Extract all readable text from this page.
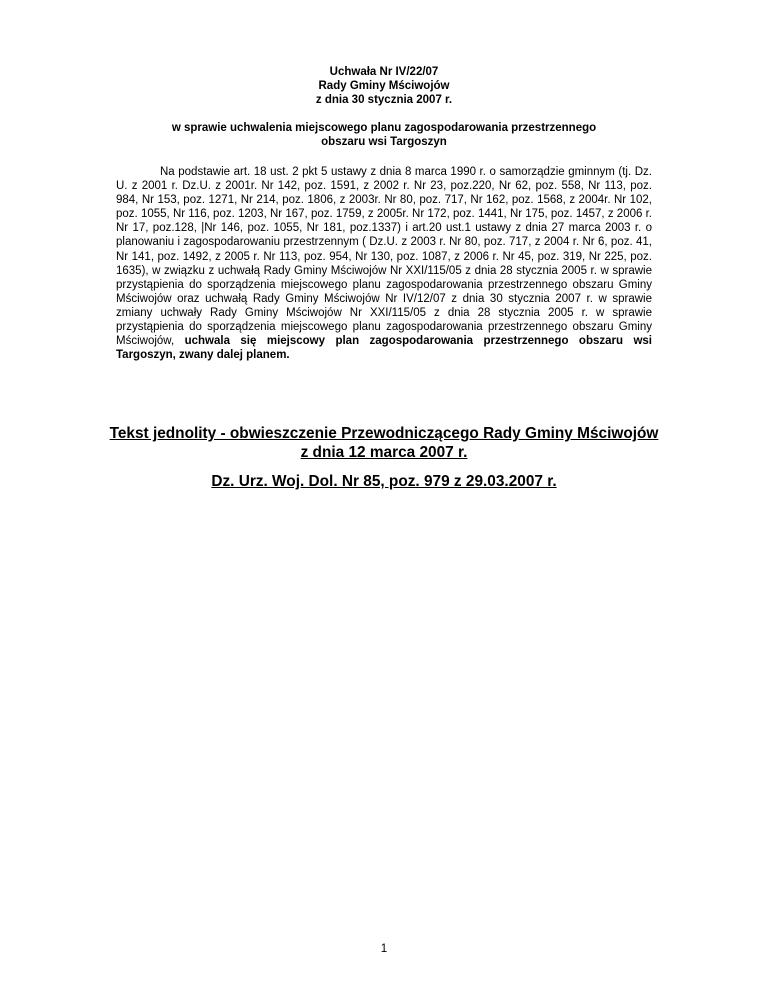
Uchwała Nr IV/22/07
Rady Gminy Mściwojów
z dnia 30 stycznia 2007 r.
w sprawie uchwalenia miejscowego planu zagospodarowania przestrzennego
obszaru wsi Targoszyn
Na podstawie art. 18 ust. 2 pkt 5 ustawy z dnia 8 marca 1990 r. o samorządzie gminnym (tj. Dz. U. z 2001 r. Dz.U. z 2001r. Nr 142, poz. 1591, z 2002 r. Nr 23, poz.220, Nr 62, poz. 558, Nr 113, poz. 984, Nr 153, poz. 1271, Nr 214, poz. 1806, z 2003r. Nr 80, poz. 717, Nr 162, poz. 1568, z 2004r. Nr 102, poz. 1055, Nr 116, poz. 1203, Nr 167, poz. 1759, z 2005r. Nr 172, poz. 1441, Nr 175, poz. 1457, z 2006 r. Nr 17, poz.128, |Nr 146, poz. 1055, Nr 181, poz.1337) i art.20 ust.1 ustawy z dnia 27 marca 2003 r. o planowaniu i zagospodarowaniu przestrzennym ( Dz.U. z 2003 r. Nr 80, poz. 717, z 2004 r. Nr 6, poz. 41, Nr 141, poz. 1492, z 2005 r. Nr 113, poz. 954, Nr 130, poz. 1087, z 2006 r. Nr 45, poz. 319, Nr 225, poz. 1635), w związku z uchwałą Rady Gminy Mściwojów Nr XXI/115/05 z dnia 28 stycznia 2005 r. w sprawie przystąpienia do sporządzenia miejscowego planu zagospodarowania przestrzennego obszaru Gminy Mściwojów oraz uchwałą Rady Gminy Mściwojów Nr IV/12/07 z dnia 30 stycznia 2007 r. w sprawie zmiany uchwały Rady Gminy Mściwojów Nr XXI/115/05 z dnia 28 stycznia 2005 r. w sprawie przystąpienia do sporządzenia miejscowego planu zagospodarowania przestrzennego obszaru Gminy Mściwojów, uchwala się miejscowy plan zagospodarowania przestrzennego obszaru wsi Targoszyn, zwany dalej planem.
Tekst jednolity - obwieszczenie Przewodniczącego Rady Gminy Mściwojów
z dnia 12 marca 2007 r.
Dz. Urz. Woj. Dol. Nr 85, poz. 979 z 29.03.2007 r.
1
